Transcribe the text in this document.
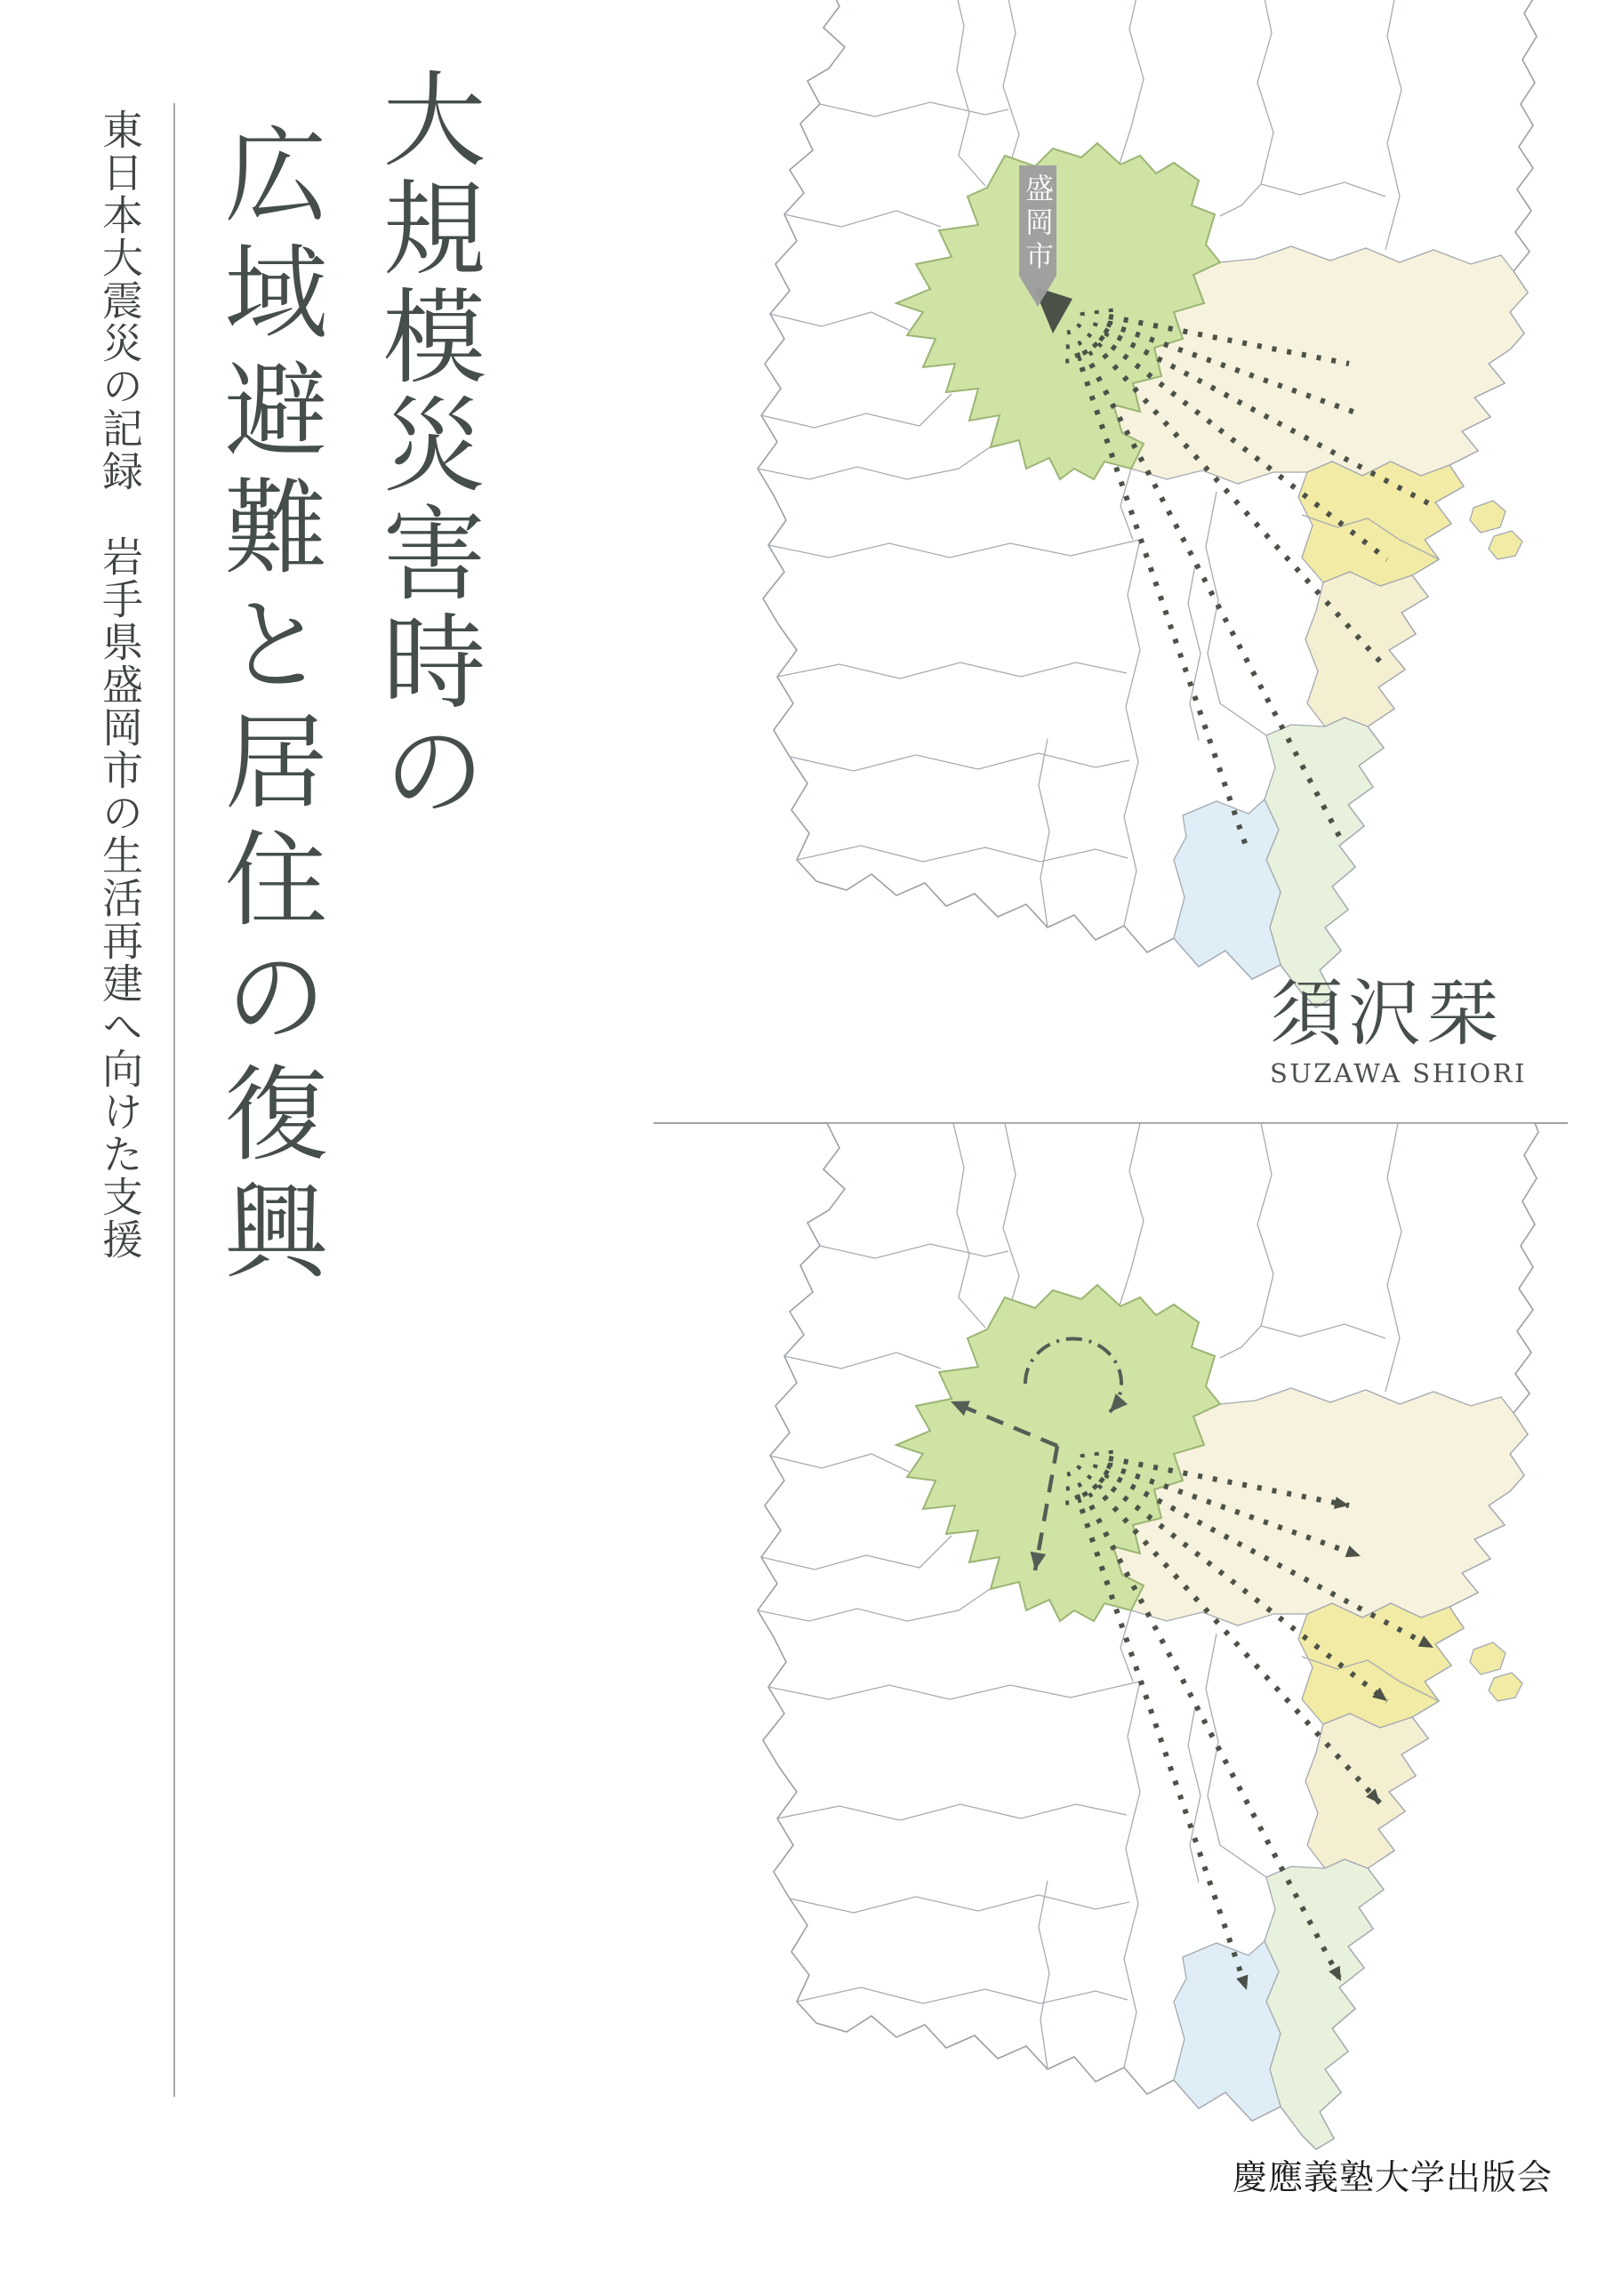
盛岡市
大規模災害時の
広域避難と居住の復興
東日本大震災の記録　岩手県盛岡市の生活再建へ向けた支援	須沢栞
SUZAWA SHIORI
慶應義塾大学出版会
